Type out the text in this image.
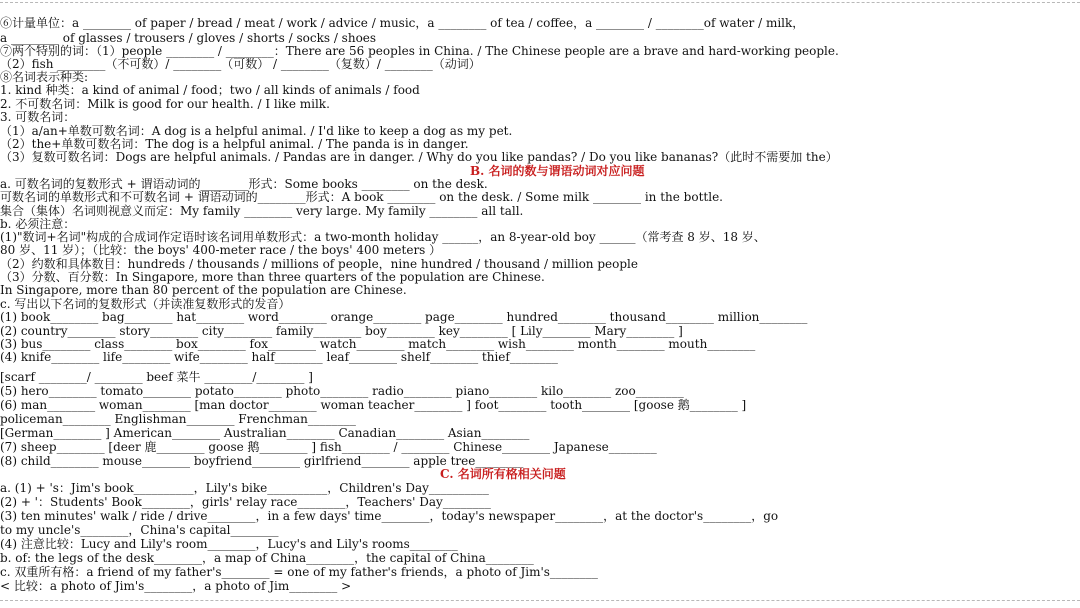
⑥计量单位：a ________ of paper / bread / meat / work / advice / music，a ________ of tea / coffee，a ________ / ________of water / milk，
a ________ of glasses / trousers / gloves / shorts / socks / shoes
⑦两个特别的词：（1）people ________ / ________：There are 56 peoples in China. / The Chinese people are a brave and hard-working people.
（2）fish ________（不可数）/ ________（可数） / ________（复数）/ ________（动词）
⑧名词表示种类:
1. kind 种类：a kind of animal / food；two / all kinds of animals / food
2. 不可数名词：Milk is good for our health. / I like milk.
3. 可数名词：
（1）a/an+单数可数名词：A dog is a helpful animal. / I'd like to keep a dog as my pet.
（2）the+单数可数名词：The dog is a helpful animal. / The panda is in danger.
（3）复数可数名词：Dogs are helpful animals. / Pandas are in danger. / Why do you like pandas? / Do you like bananas?（此时不需要加 the）
B. 名词的数与谓语动词对应问题
a. 可数名词的复数形式 + 谓语动词的________形式：Some books ________ on the desk.
可数名词的单数形式和不可数名词 + 谓语动词的________形式：A book ________ on the desk. / Some milk ________ in the bottle.
集合（集体）名词则视意义而定：My family ________ very large. My family ________ all tall.
b. 必须注意：
(1)"数词+名词"构成的合成词作定语时该名词用单数形式：a two-month holiday ______，an 8-year-old boy ______（常考查 8 岁、18 岁、
80 岁、11 岁）；（比较：the boys' 400-meter race / the boys' 400 meters ）
（2）约数和具体数目：hundreds / thousands / millions of people，nine hundred / thousand / million people
（3）分数、百分数：In Singapore, more than three quarters of the population are Chinese.
In Singapore, more than 80 percent of the population are Chinese.
c. 写出以下名词的复数形式（并读准复数形式的发音）
(1) book________ bag________ hat________ word________ orange________ page________ hundred________ thousand________ million________
(2) country________ story________ city________ family________ boy________ key________ [ Lily________ Mary________ ]
(3) bus________ class________ box________ fox________ watch________ match________ wish________ month________ mouth________
(4) knife________ life________ wife________ half________ leaf________ shelf________ thief________
[scarf ________/ ________ beef 菜牛 ________/________ ]
(5) hero________ tomato________ potato________ photo________ radio________ piano________ kilo________ zoo________
(6) man________ woman________ [man doctor________ woman teacher________ ] foot________ tooth________ [goose 鹅________ ]
policeman________ Englishman________ Frenchman________
[German________ ] American________ Australian________ Canadian________ Asian________
(7) sheep________ [deer 鹿________ goose 鹅________ ] fish________ / ________ Chinese________ Japanese________
(8) child________ mouse________ boyfriend________ girlfriend________ apple tree________
C. 名词所有格相关问题
a. (1) + 's：Jim's book__________，Lily's bike__________，Children's Day__________
(2) + '：Students' Book________，girls' relay race________，Teachers' Day________
(3) ten minutes' walk / ride / drive________，in a few days' time________，today's newspaper________，at the doctor's________，go
to my uncle's________，China's capital________
(4) 注意比较：Lucy and Lily's room________，Lucy's and Lily's rooms________
b. of: the legs of the desk________，a map of China________，the capital of China________
c. 双重所有格：a friend of my father's________ = one of my father's friends，a photo of Jim's________
< 比较：a photo of Jim's________，a photo of Jim________ >
